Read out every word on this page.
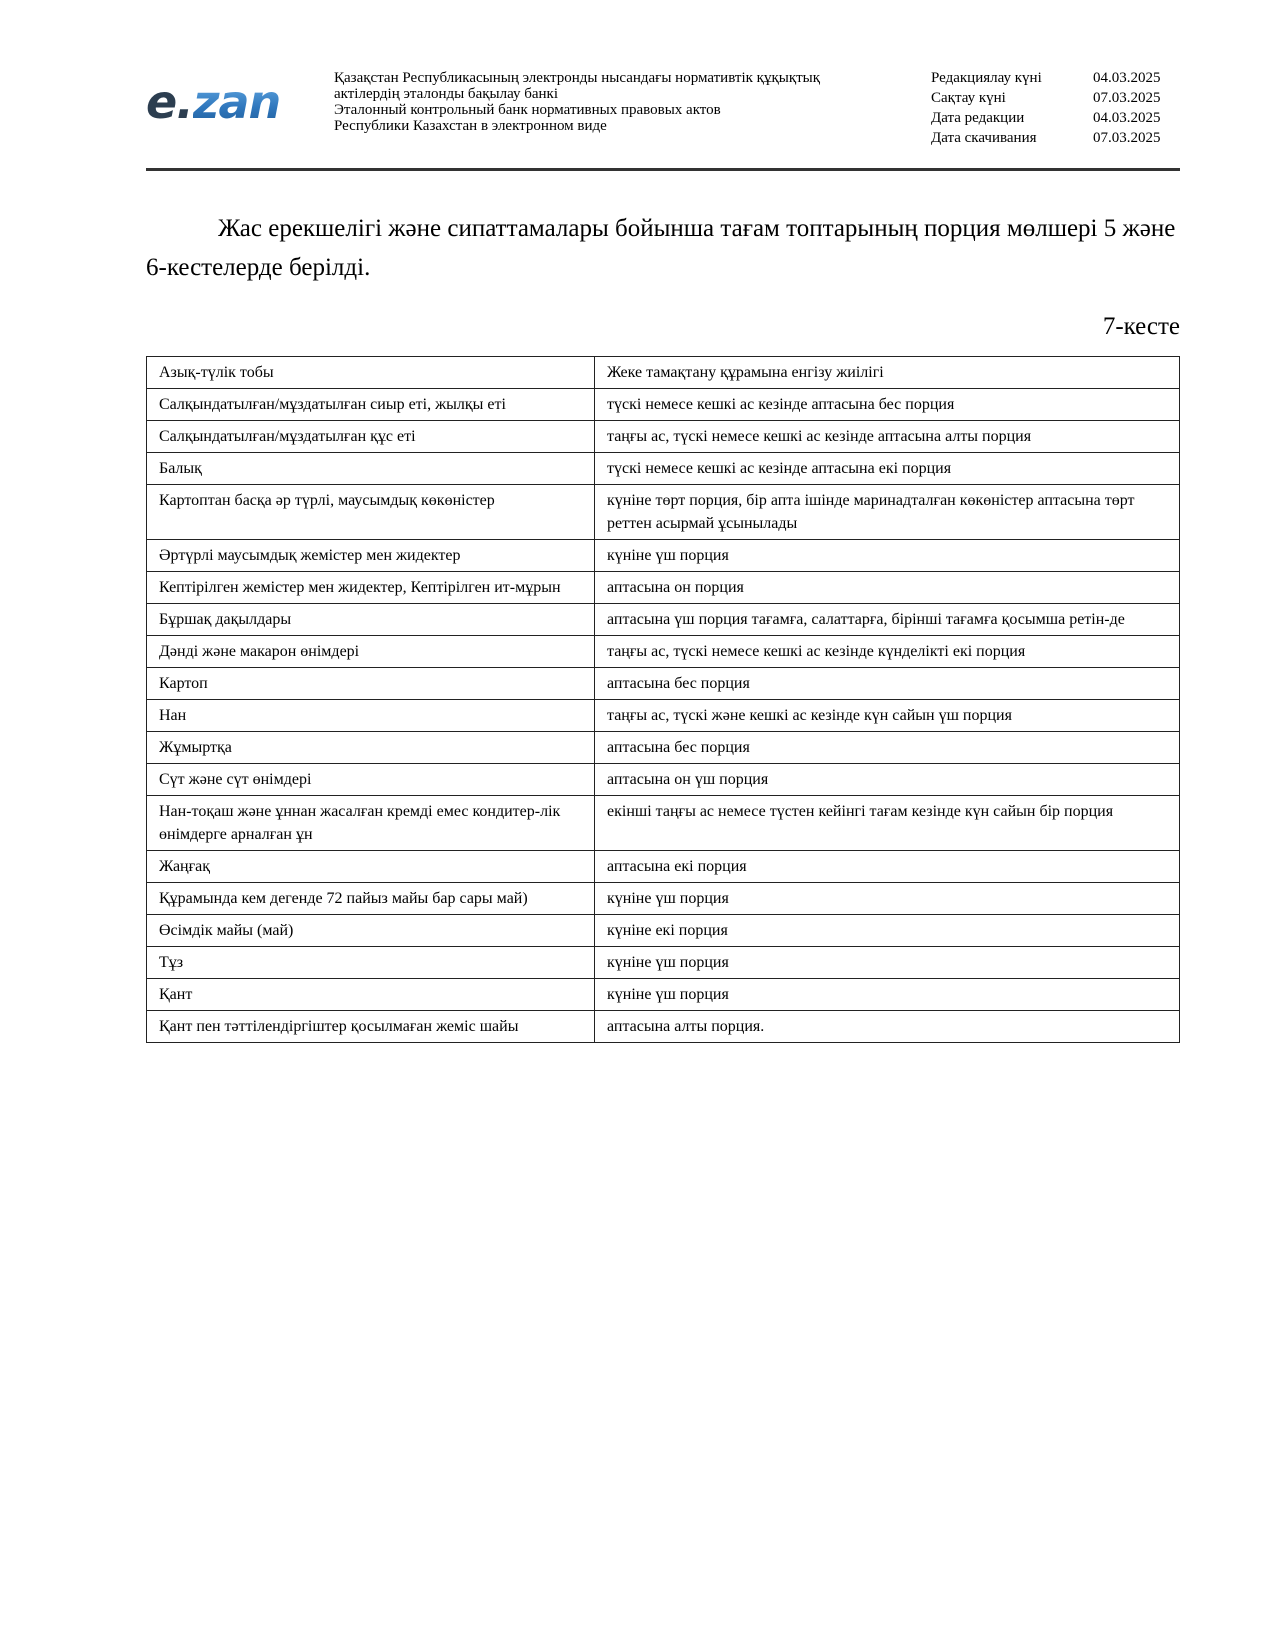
e.zan	Қазақстан Республикасының электронды нысандағы нормативтік құқықтық
актілердің эталонды бақылау банкі
Эталонный контрольный банк нормативных правовых актов
Республики Казахстан в электронном виде
Редакциялау күні	04.03.2025
Сақтау күні	07.03.2025
Дата редакции	04.03.2025
Дата скачивания	07.03.2025

Жас ерекшелігі және сипаттамалары бойынша тағам топтарының порция мөлшері 5 және 6-кестелерде берілді.

7-кесте
Азық-түлік тобы	Жеке тамақтану құрамына енгізу жиілігі
Салқындатылған/мұздатылған сиыр еті, жылқы еті	түскі немесе кешкі ас кезінде аптасына бес порция
Салқындатылған/мұздатылған құс еті	таңғы ас, түскі немесе кешкі ас кезінде аптасына алты порция
Балық	түскі немесе кешкі ас кезінде аптасына екі порция
Картоптан басқа әр түрлі, маусымдық көкөністер	күніне төрт порция, бір апта ішінде маринадталған көкөністер аптасына төрт реттен асырмай ұсынылады
Әртүрлі маусымдық жемістер мен жидектер	күніне үш порция
Кептірілген жемістер мен жидектер, Кептірілген ит-мұрын	аптасына он порция
Бұршақ дақылдары	аптасына үш порция тағамға, салаттарға, бірінші тағамға қосымша ретін-де
Дәнді және макарон өнімдері	таңғы ас, түскі немесе кешкі ас кезінде күнделікті екі порция
Картоп	аптасына бес порция
Нан	таңғы ас, түскі және кешкі ас кезінде күн сайын үш порция
Жұмыртқа	аптасына бес порция
Сүт және сүт өнімдері	аптасына он үш порция
Нан-тоқаш және ұннан жасалған кремді емес кондитер-лік өнімдерге арналған ұн	екінші таңғы ас немесе түстен кейінгі тағам кезінде күн сайын бір порция
Жаңғақ	аптасына екі порция
Құрамында кем дегенде 72 пайыз майы бар сары май)	күніне үш порция
Өсімдік майы (май)	күніне екі порция
Тұз	күніне үш порция
Қант	күніне үш порция
Қант пен тәттілендіргіштер қосылмаған жеміс шайы	аптасына алты порция.
